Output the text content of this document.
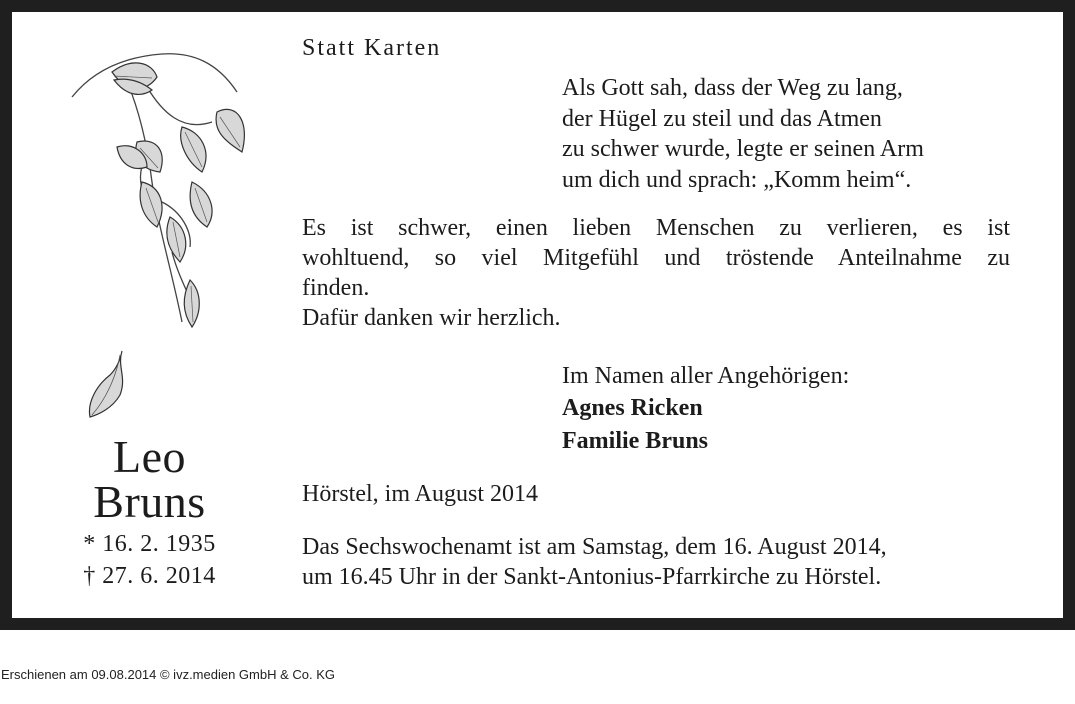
Leo
Bruns
* 16. 2. 1935
† 27. 6. 2014
Statt Karten
Als Gott sah, dass der Weg zu lang,
der Hügel zu steil und das Atmen
zu schwer wurde, legte er seinen Arm
um dich und sprach: „Komm heim“.
Es ist schwer, einen lieben Menschen zu verlieren, es ist
wohltuend, so viel Mitgefühl und tröstende Anteilnahme zu
finden.
Dafür danken wir herzlich.
Im Namen aller Angehörigen:
Agnes Ricken
Familie Bruns
Hörstel, im August 2014
Das Sechswochenamt ist am Samstag, dem 16. August 2014,
um 16.45 Uhr in der Sankt-Antonius-Pfarrkirche zu Hörstel.
Erschienen am 09.08.2014 © ivz.medien GmbH & Co. KG
